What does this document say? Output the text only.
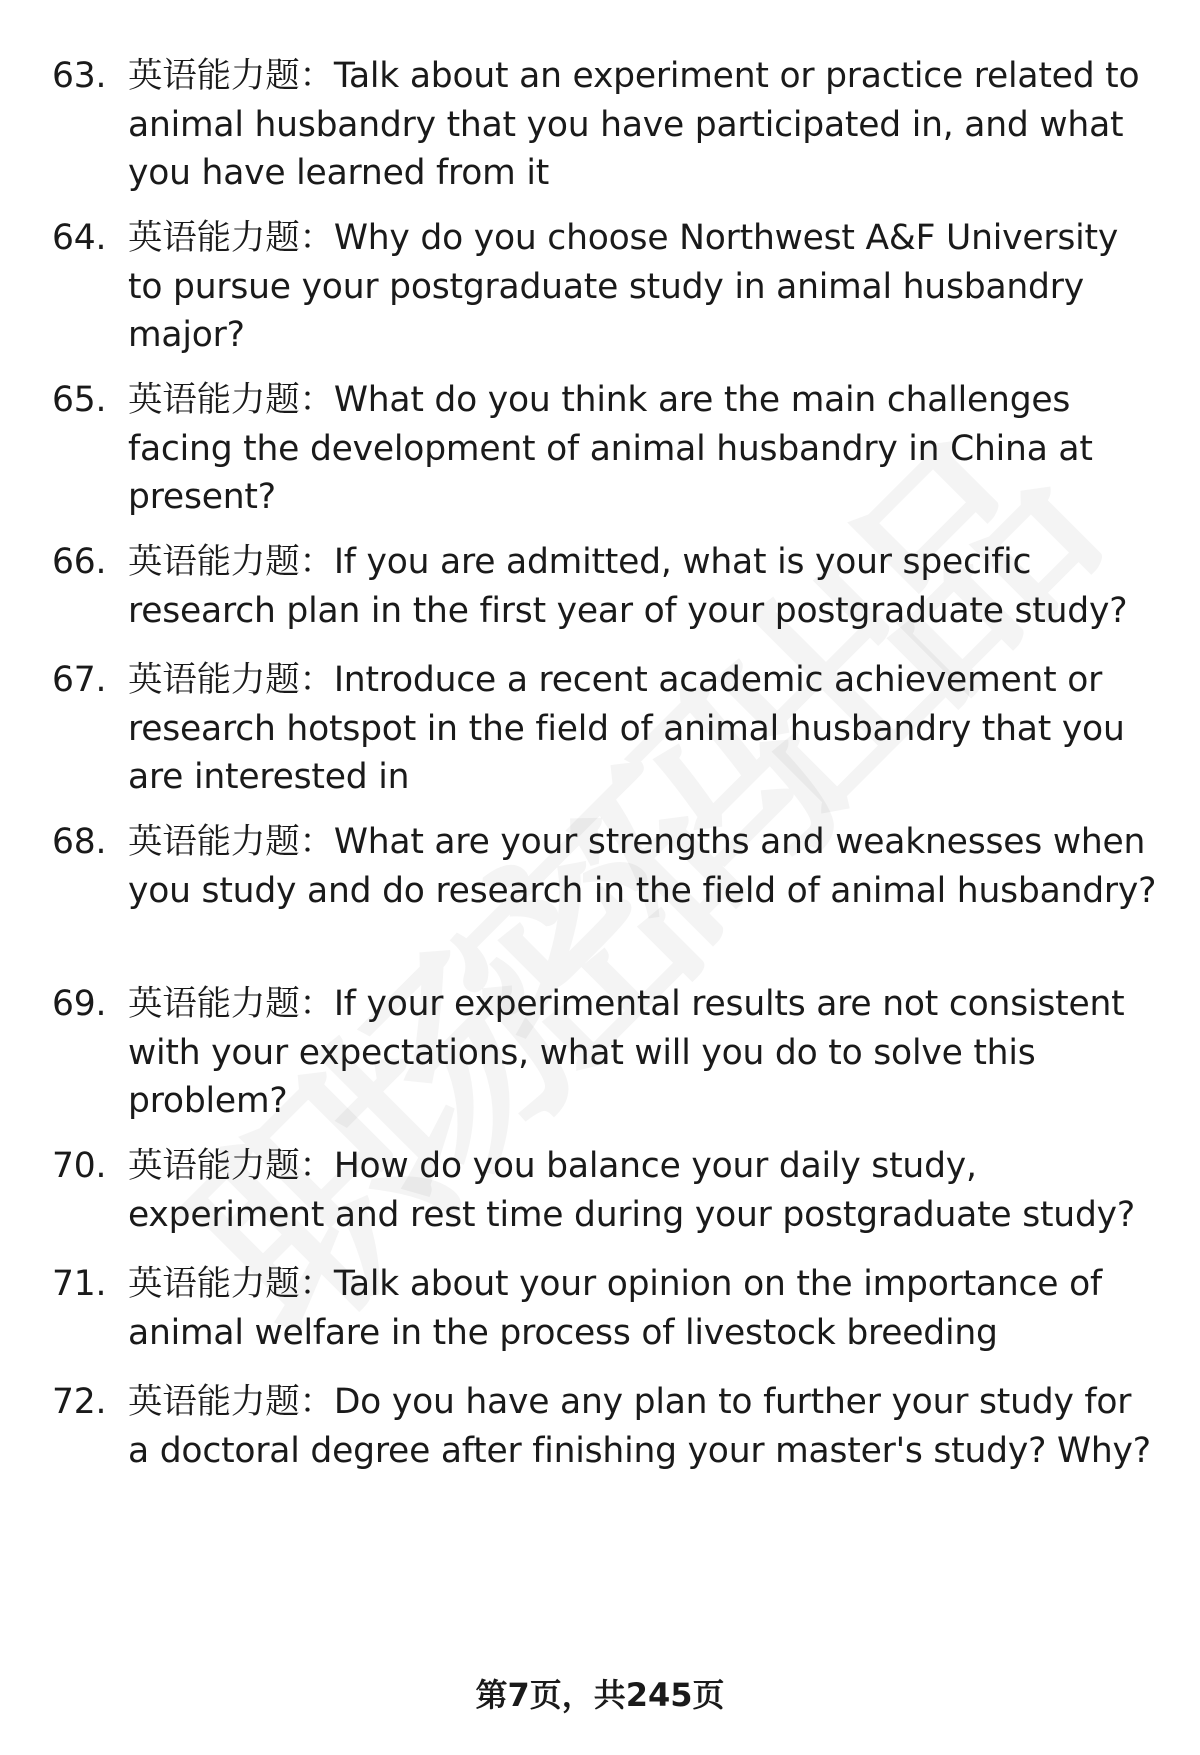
63. 英语能力题：Talk about an experiment or practice related to animal husbandry that you have participated in, and what you have learned from it
64. 英语能力题：Why do you choose Northwest A&F University to pursue your postgraduate study in animal husbandry major?
65. 英语能力题：What do you think are the main challenges facing the development of animal husbandry in China at present?
66. 英语能力题：If you are admitted, what is your specific research plan in the first year of your postgraduate study?
67. 英语能力题：Introduce a recent academic achievement or research hotspot in the field of animal husbandry that you are interested in
68. 英语能力题：What are your strengths and weaknesses when you study and do research in the field of animal husbandry?
69. 英语能力题：If your experimental results are not consistent with your expectations, what will you do to solve this problem?
70. 英语能力题：How do you balance your daily study, experiment and rest time during your postgraduate study?
71. 英语能力题：Talk about your opinion on the importance of animal welfare in the process of livestock breeding
72. 英语能力题：Do you have any plan to further your study for a doctoral degree after finishing your master's study? Why?
第7页，共245页
